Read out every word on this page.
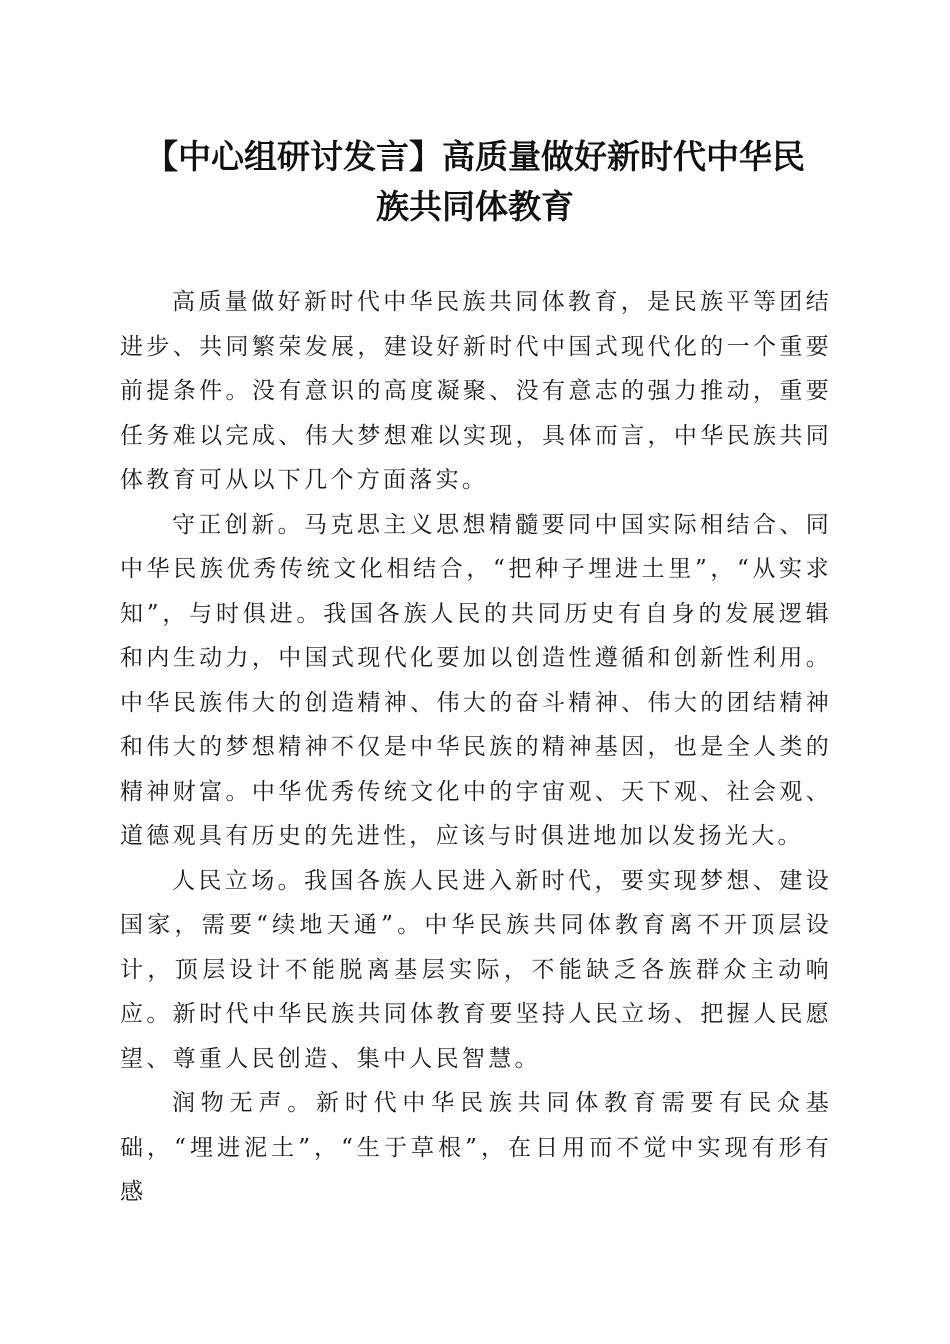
【中心组研讨发言】高质量做好新时代中华民
族共同体教育

高质量做好新时代中华民族共同体教育，是民族平等团结进步、共同繁荣发展，建设好新时代中国式现代化的一个重要前提条件。没有意识的高度凝聚、没有意志的强力推动，重要任务难以完成、伟大梦想难以实现，具体而言，中华民族共同体教育可从以下几个方面落实。

守正创新。马克思主义思想精髓要同中国实际相结合、同中华民族优秀传统文化相结合，“把种子埋进土里”，“从实求知”，与时俱进。我国各族人民的共同历史有自身的发展逻辑和内生动力，中国式现代化要加以创造性遵循和创新性利用。中华民族伟大的创造精神、伟大的奋斗精神、伟大的团结精神和伟大的梦想精神不仅是中华民族的精神基因，也是全人类的精神财富。中华优秀传统文化中的宇宙观、天下观、社会观、道德观具有历史的先进性，应该与时俱进地加以发扬光大。

人民立场。我国各族人民进入新时代，要实现梦想、建设国家，需要“续地天通”。中华民族共同体教育离不开顶层设计，顶层设计不能脱离基层实际，不能缺乏各族群众主动响应。新时代中华民族共同体教育要坚持人民立场、把握人民愿望、尊重人民创造、集中人民智慧。

润物无声。新时代中华民族共同体教育需要有民众基础，“埋进泥土”，“生于草根”，在日用而不觉中实现有形有感
